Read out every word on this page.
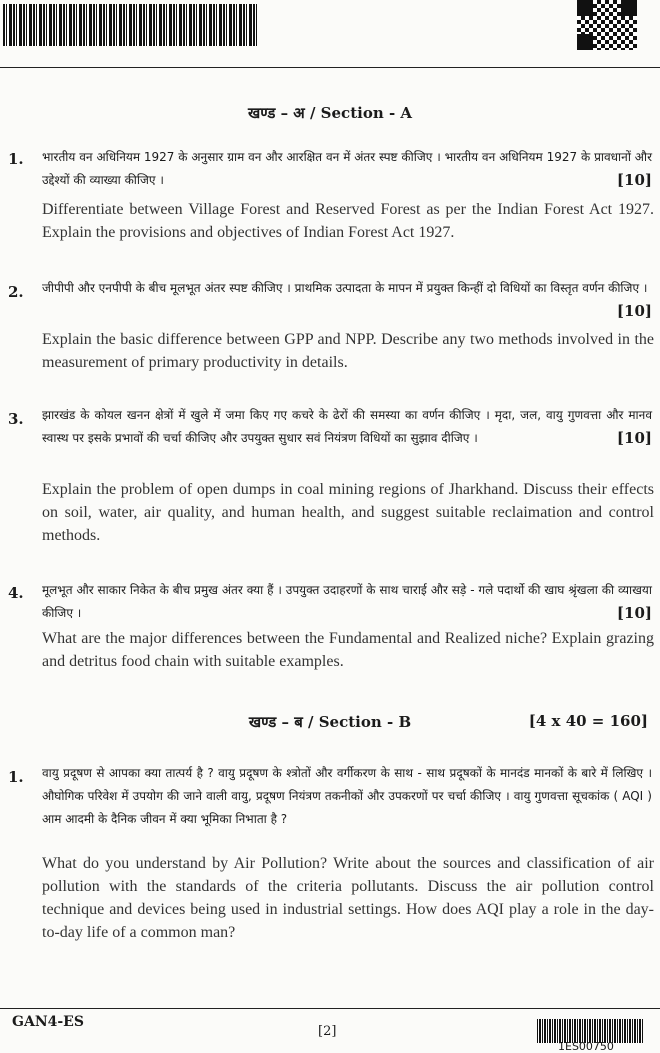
खण्ड – अ / Section - A
1. भारतीय वन अधिनियम 1927 के अनुसार ग्राम वन और आरक्षित वन में अंतर स्पष्ट कीजिए । भारतीय वन अधिनियम 1927 के प्रावधानों और उद्देश्यों की व्याख्या कीजिए ।	[10]
Differentiate between Village Forest and Reserved Forest as per the Indian Forest Act 1927. Explain the provisions and objectives of Indian Forest Act 1927.
2. जीपीपी और एनपीपी के बीच मूलभूत अंतर स्पष्ट कीजिए । प्राथमिक उत्पादता के मापन में प्रयुक्त किन्हीं दो विधियों का विस्तृत वर्णन कीजिए ।
[10]
Explain the basic difference between GPP and NPP. Describe any two methods involved in the measurement of primary productivity in details.
3. झारखंड के कोयल खनन क्षेत्रों में खुले में जमा किए गए कचरे के ढेरों की समस्या का वर्णन कीजिए । मृदा, जल, वायु गुणवत्ता और मानव स्वास्थ पर इसके प्रभावों की चर्चा कीजिए और उपयुक्त सुधार सवं नियंत्रण विधियों का सुझाव दीजिए ।	[10]
Explain the problem of open dumps in coal mining regions of Jharkhand. Discuss their effects on soil, water, air quality, and human health, and suggest suitable reclaimation and control methods.
4. मूलभूत और साकार निकेत के बीच प्रमुख अंतर क्या हैं । उपयुक्त उदाहरणों के साथ चाराई और सड़े - गले पदार्थो की खाघ श्रृंखला की व्याखया कीजिए ।	[10]
What are the major differences between the Fundamental and Realized niche? Explain grazing and detritus food chain with suitable examples.
खण्ड – ब / Section - B	[4 x 40 = 160]
1. वायु प्रदूषण से आपका क्या तात्पर्य है ? वायु प्रदूषण के श्त्रोतों और वर्गीकरण के साथ - साथ प्रदूषकों के मानदंड मानकों के बारे में लिखिए । औघोगिक परिवेश में उपयोग की जाने वाली वायु, प्रदूषण नियंत्रण तकनीकों और उपकरणों पर चर्चा कीजिए । वायु गुणवत्ता सूचकांक ( AQI ) आम आदमी के दैनिक जीवन में क्या भूमिका निभाता है ?
What do you understand by Air Pollution? Write about the sources and classification of air pollution with the standards of the criteria pollutants. Discuss the air pollution control technique and devices being used in industrial settings. How does AQI play a role in the day-to-day life of a common man?
GAN4-ES
[2]
1ES00750
